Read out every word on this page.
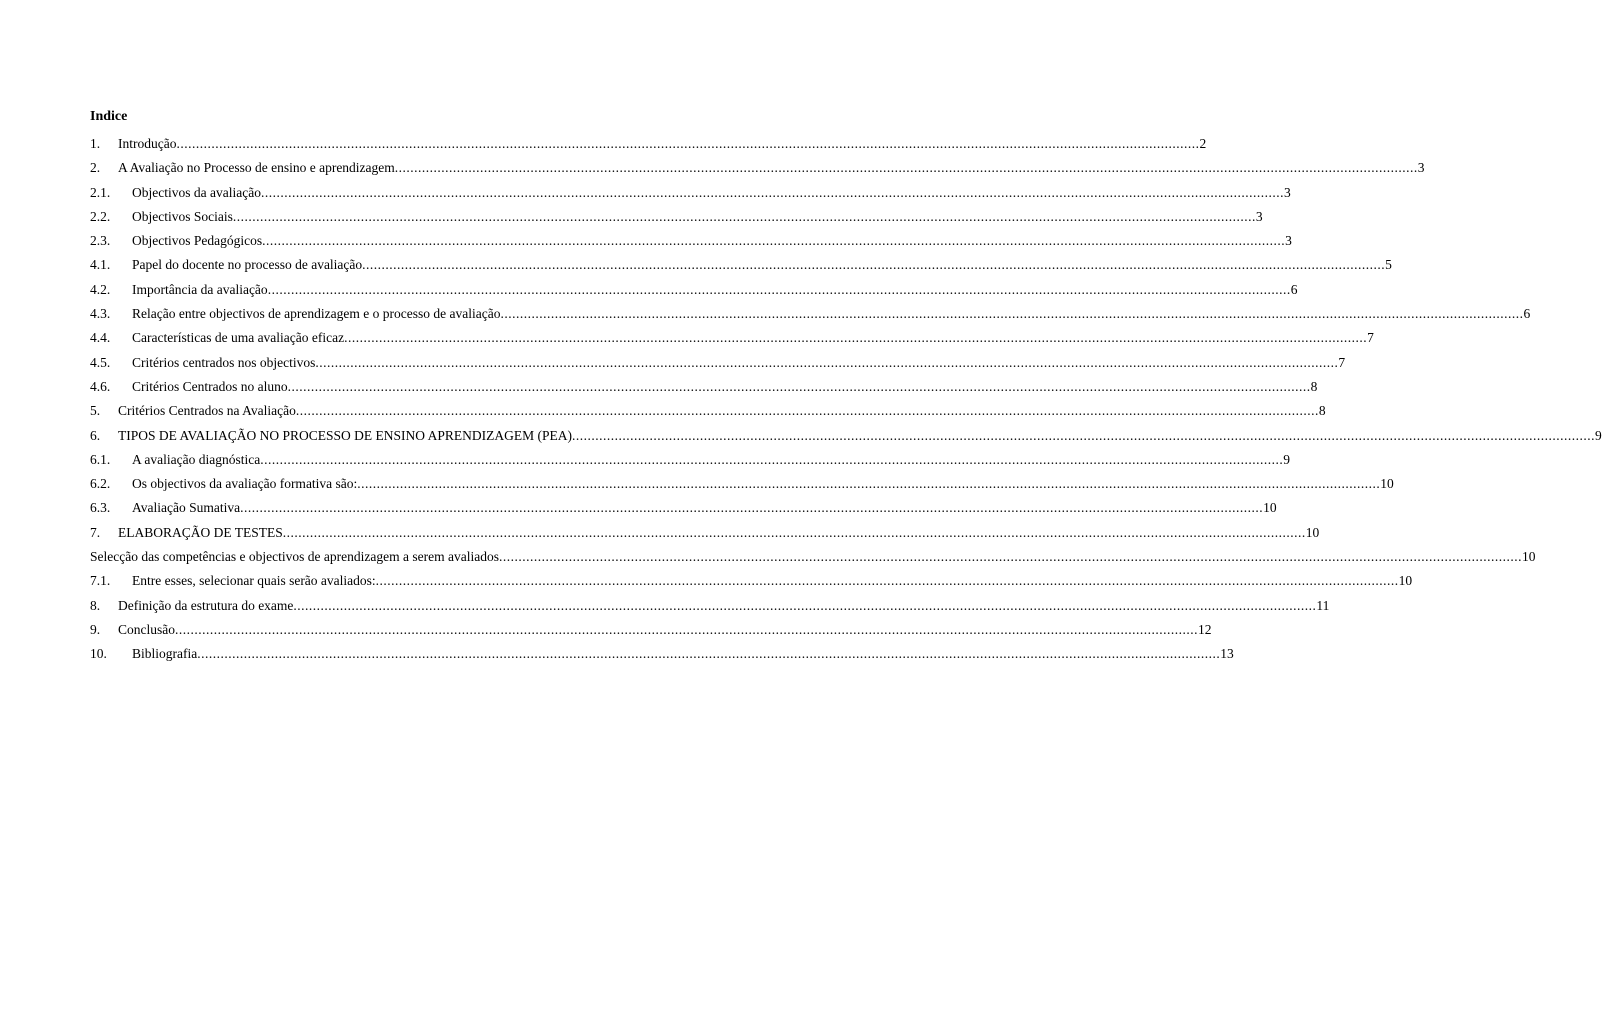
Indice
1.	Introdução .....	2
2.	A Avaliação no Processo de ensino e aprendizagem .....	3
2.1.	Objectivos da avaliação .....	3
2.2.	Objectivos Sociais .....	3
2.3.	Objectivos Pedagógicos .....	3
4.1.	Papel do docente no processo de avaliação .....	5
4.2.	Importância da avaliação .....	6
4.3.	Relação entre objectivos de aprendizagem e o processo de avaliação .....	6
4.4.	Características de uma avaliação eficaz .....	7
4.5.	Critérios centrados nos objectivos .....	7
4.6.	Critérios Centrados no aluno .....	8
5.	Critérios Centrados na Avaliação .....	8
6.	TIPOS DE AVALIAÇÃO NO PROCESSO DE ENSINO APRENDIZAGEM (PEA) .....	9
6.1.	A avaliação diagnóstica .....	9
6.2.	Os objectivos da avaliação formativa são: .....	10
6.3.	Avaliação Sumativa .....	10
7.	ELABORAÇÃO DE TESTES .....	10
Selecção das competências e objectivos de aprendizagem a serem avaliados .....	10
7.1.	Entre esses, selecionar quais serão avaliados: .....	10
8.	Definição da estrutura do exame .....	11
9.	Conclusão .....	12
10.	Bibliografia .....	13
